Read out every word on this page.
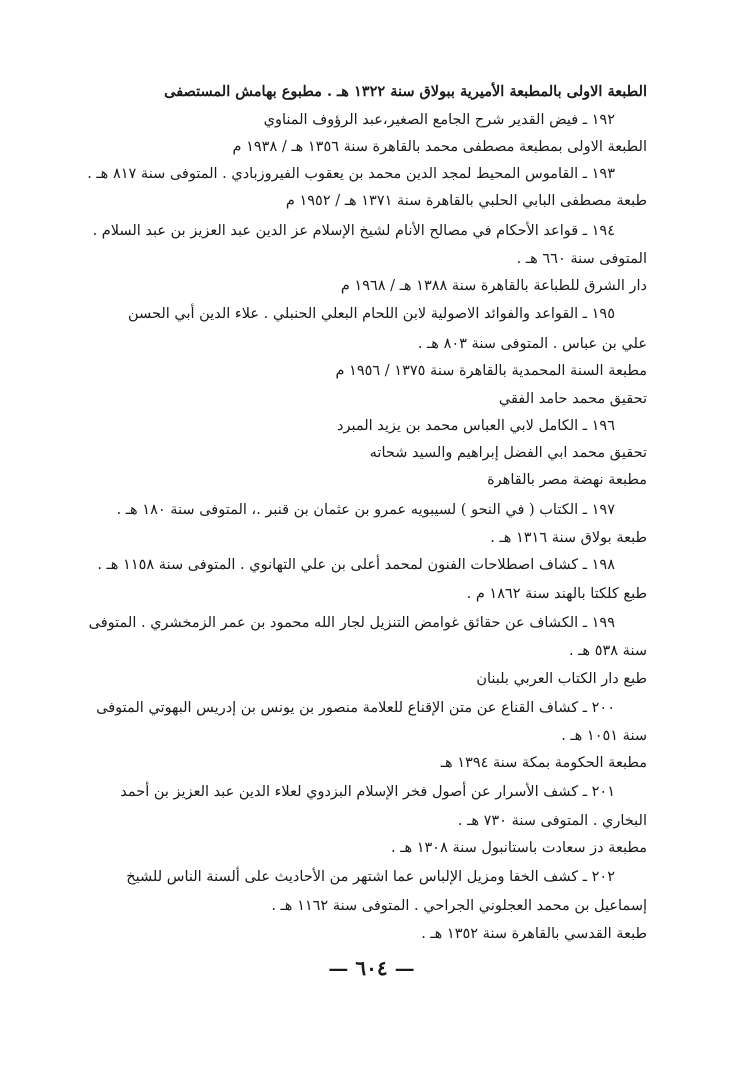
الطبعة الاولى بالمطبعة الأميرية ببولاق سنة ١٣٢٢ هـ . مطبوع بهامش المستصفى
١٩٢ ـ فيض القدير شرح الجامع الصغير،عبد الرؤوف المناوي
الطبعة الاولى بمطبعة مصطفى محمد بالقاهرة سنة ١٣٥٦ هـ / ١٩٣٨ م
١٩٣ ـ القاموس المحيط لمجد الدين محمد بن يعقوب الفيروزبادي . المتوفى سنة ٨١٧ هـ .
طبعة مصطفى البابي الحلبي بالقاهرة سنة ١٣٧١ هـ / ١٩٥٢ م
١٩٤ ـ قواعد الأحكام في مصالح الأنام لشيخ الإسلام عز الدين عبد العزيز بن عبد السلام .
المتوفى سنة ٦٦٠ هـ .
دار الشرق للطباعة بالقاهرة سنة ١٣٨٨ هـ / ١٩٦٨ م
١٩٥ ـ القواعد والفوائد الاصولية لابن اللحام البعلي الحنبلي . علاء الدين أبي الحسن
علي بن عباس . المتوفى سنة ٨٠٣ هـ .
مطبعة السنة المحمدية بالقاهرة سنة ١٣٧٥ / ١٩٥٦ م
تحقيق محمد حامد الفقي
١٩٦ ـ الكامل لابي العباس محمد بن يزيد المبرد
تحقيق محمد ابي الفضل إبراهيم والسيد شحاته
مطبعة نهضة مصر بالقاهرة
١٩٧ ـ الكتاب ( في النحو ) لسيبويه عمرو بن عثمان بن قنبر .، المتوفى سنة ١٨٠ هـ .
طبعة بولاق سنة ١٣١٦ هـ .
١٩٨ ـ كشاف اصطلاحات الفنون لمحمد أعلى بن علي التهانوي . المتوفى سنة ١١٥٨ هـ .
طبع كلكتا بالهند سنة ١٨٦٢ م .
١٩٩ ـ الكشاف عن حقائق غوامض التنزيل لجار الله محمود بن عمر الزمخشري . المتوفى
سنة ٥٣٨ هـ .
طبع دار الكتاب العربي بلبنان
٢٠٠ ـ كشاف القناع عن متن الإقناع للعلامة منصور بن يونس بن إدريس البهوتي المتوفى
سنة ١٠٥١ هـ .
مطبعة الحكومة بمكة سنة ١٣٩٤ هـ
٢٠١ ـ كشف الأسرار عن أصول فخر الإسلام البزدوي لعلاء الدين عبد العزيز بن أحمد
البخاري . المتوفى سنة ٧٣٠ هـ .
مطبعة دز سعادت باستانبول سنة ١٣٠٨ هـ .
٢٠٢ ـ كشف الخفا ومزيل الإلباس عما اشتهر من الأحاديث على ألسنة الناس للشيخ
إسماعيل بن محمد العجلوني الجراحي . المتوفى سنة ١١٦٢ هـ .
طبعة القدسي بالقاهرة سنة ١٣٥٢ هـ .
— ٦٠٤ —
